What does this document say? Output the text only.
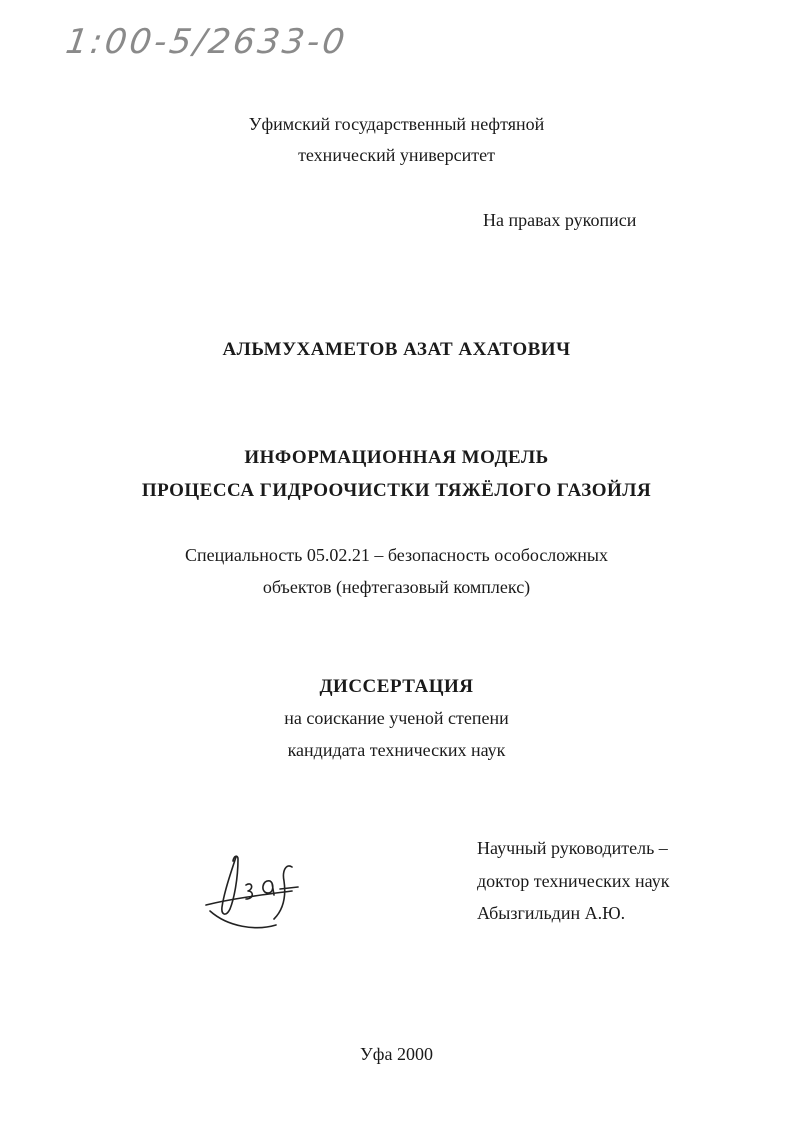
1:00-5/2633-0
Уфимский государственный нефтяной
технический университет
На правах рукописи
АЛЬМУХАМЕТОВ АЗАТ АХАТОВИЧ
ИНФОРМАЦИОННАЯ МОДЕЛЬ
ПРОЦЕССА ГИДРООЧИСТКИ ТЯЖЁЛОГО ГАЗОЙЛЯ
Специальность 05.02.21 – безопасность особосложных
объектов (нефтегазовый комплекс)
ДИССЕРТАЦИЯ
на соискание ученой степени
кандидата технических наук
Научный руководитель –
доктор технических наук
Абызгильдин А.Ю.
Уфа 2000
